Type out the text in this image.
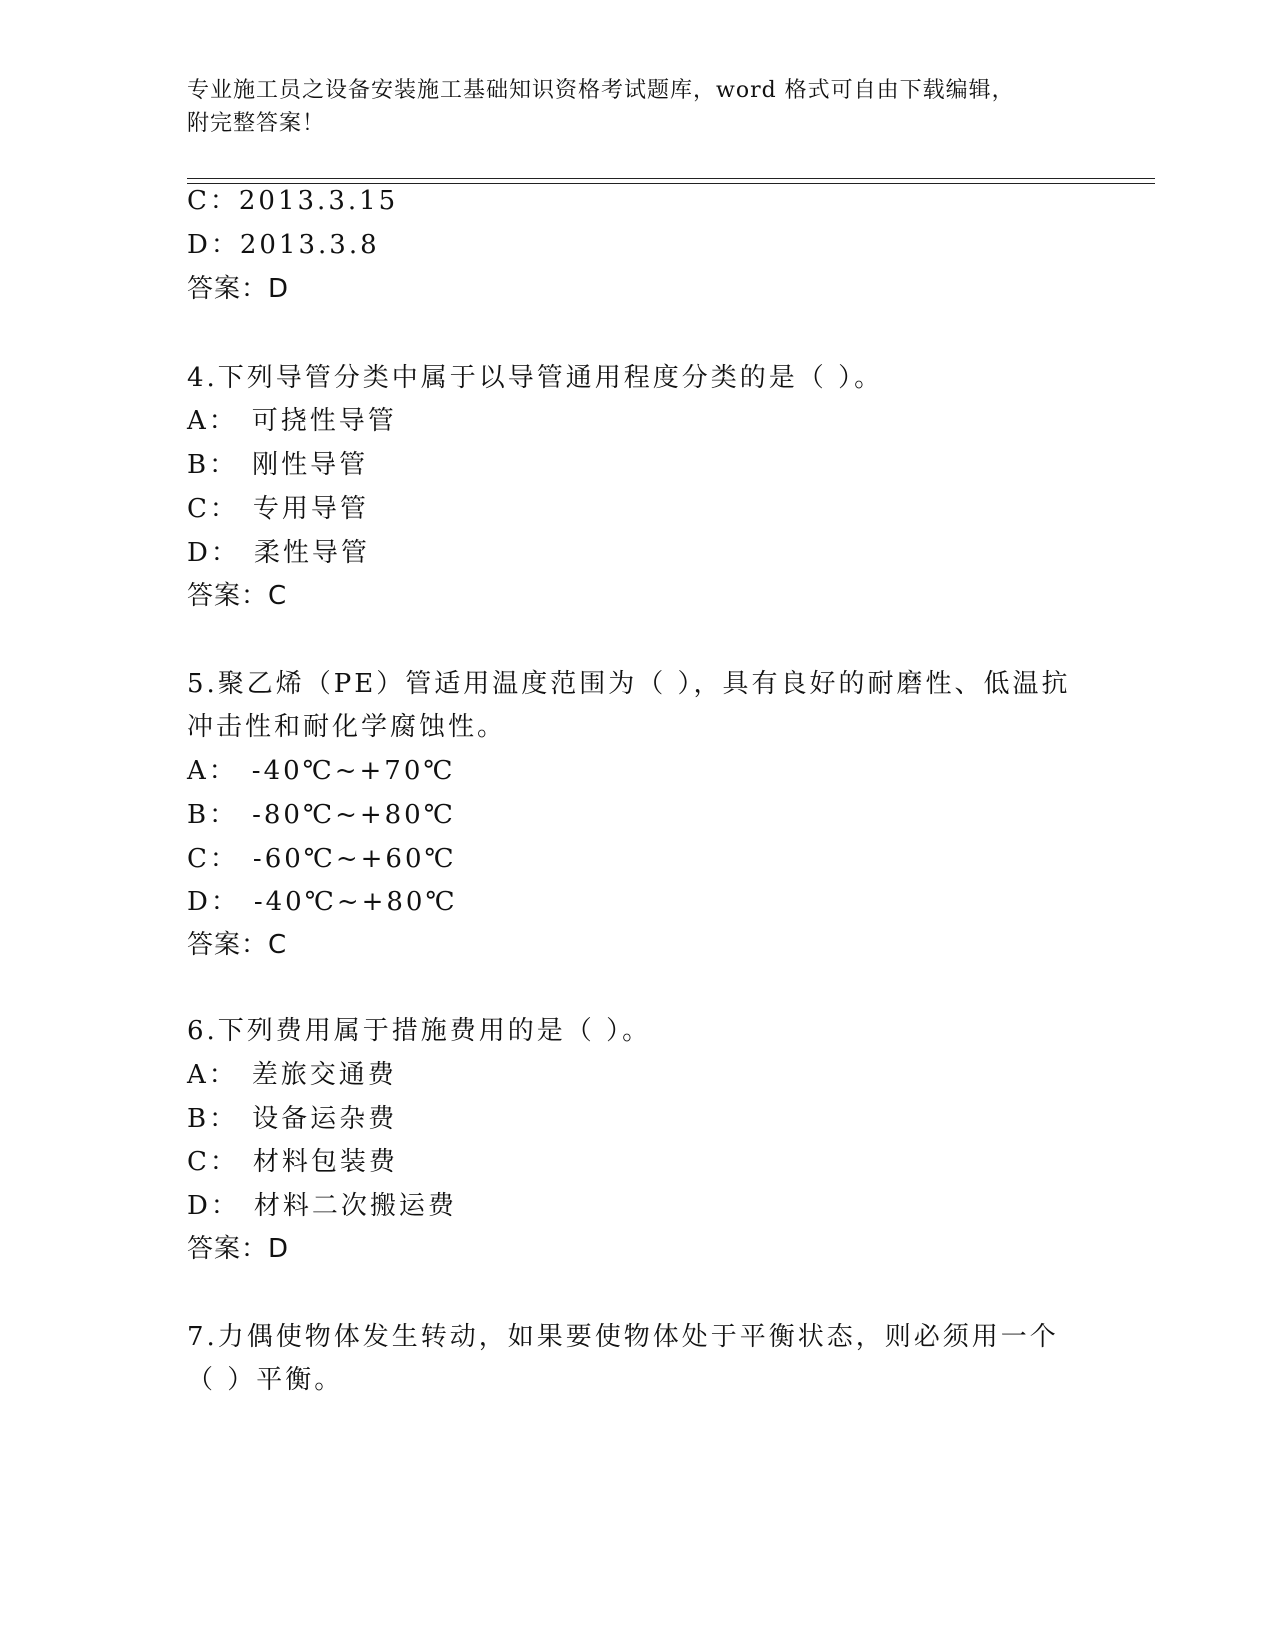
专业施工员之设备安装施工基础知识资格考试题库，word 格式可自由下载编辑，
附完整答案！
C：2013.3.15
D：2013.3.8
答案：D
4.下列导管分类中属于以导管通用程度分类的是（ ）。
A： 可挠性导管
B： 刚性导管
C： 专用导管
D： 柔性导管
答案：C
5.聚乙烯（PE）管适用温度范围为（ ），具有良好的耐磨性、低温抗
冲击性和耐化学腐蚀性。
A： -40℃~+70℃
B： -80℃~+80℃
C： -60℃~+60℃
D： -40℃~+80℃
答案：C
6.下列费用属于措施费用的是（ ）。
A： 差旅交通费
B： 设备运杂费
C： 材料包装费
D： 材料二次搬运费
答案：D
7.力偶使物体发生转动，如果要使物体处于平衡状态，则必须用一个
（ ）平衡。
